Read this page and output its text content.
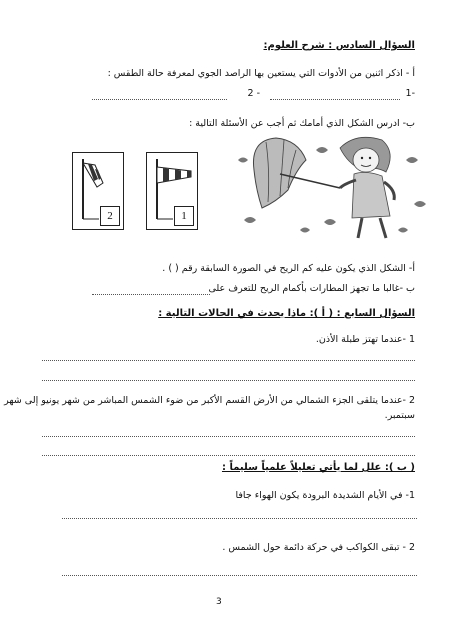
السؤال السادس : شرح العلوم:
أ - اذكر اثنين من الأدوات التي يستعين بها الراصد الجوي لمعرفة حالة الطقس :
-1
- 2
ب- ادرس الشكل الذي أمامك ثم أجب عن الأسئلة التالية :
2	1
أ- الشكل الذي يكون عليه كم الريح في الصورة السابقة رقم ( ) .
ب -غالبا ما تجهز المطارات بأكمام الريح للتعرف على
السؤال السابع : ( أ ): ماذا يحدث في الحالات التالية :
1 -عندما تهتز طبلة الأذن.
2 -عندما يتلقى الجزء الشمالي من الأرض القسم الأكبر من ضوء الشمس المباشر من شهر يونيو إلى شهر
سبتمبر.
( ب ): علل لما يأتي تعليلاً علمياً سليماً :
1- في الأيام الشديدة البرودة يكون الهواء جافا
2 - تبقى الكواكب في حركة دائمة حول الشمس .
3
